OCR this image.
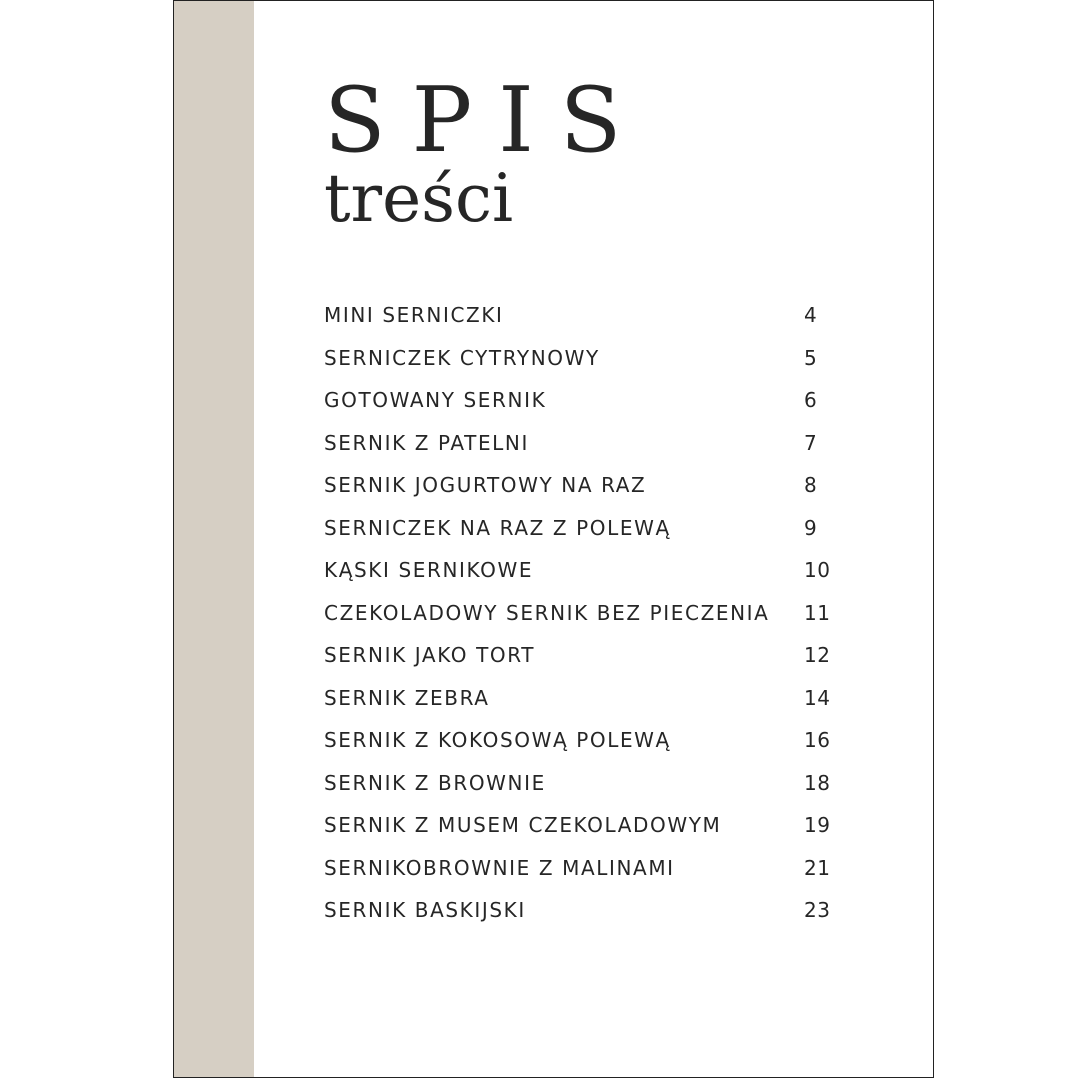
SPIS
treści
MINI SERNICZKI	4
SERNICZEK CYTRYNOWY	5
GOTOWANY SERNIK	6
SERNIK Z PATELNI	7
SERNIK JOGURTOWY NA RAZ	8
SERNICZEK NA RAZ Z POLEWĄ	9
KĄSKI SERNIKOWE	10
CZEKOLADOWY SERNIK BEZ PIECZENIA 11
SERNIK JAKO TORT	12
SERNIK ZEBRA	14
SERNIK Z KOKOSOWĄ POLEWĄ	16
SERNIK Z BROWNIE	18
SERNIK Z MUSEM CZEKOLADOWYM	19
SERNIKOBROWNIE Z MALINAMI	21
SERNIK BASKIJSKI	23
